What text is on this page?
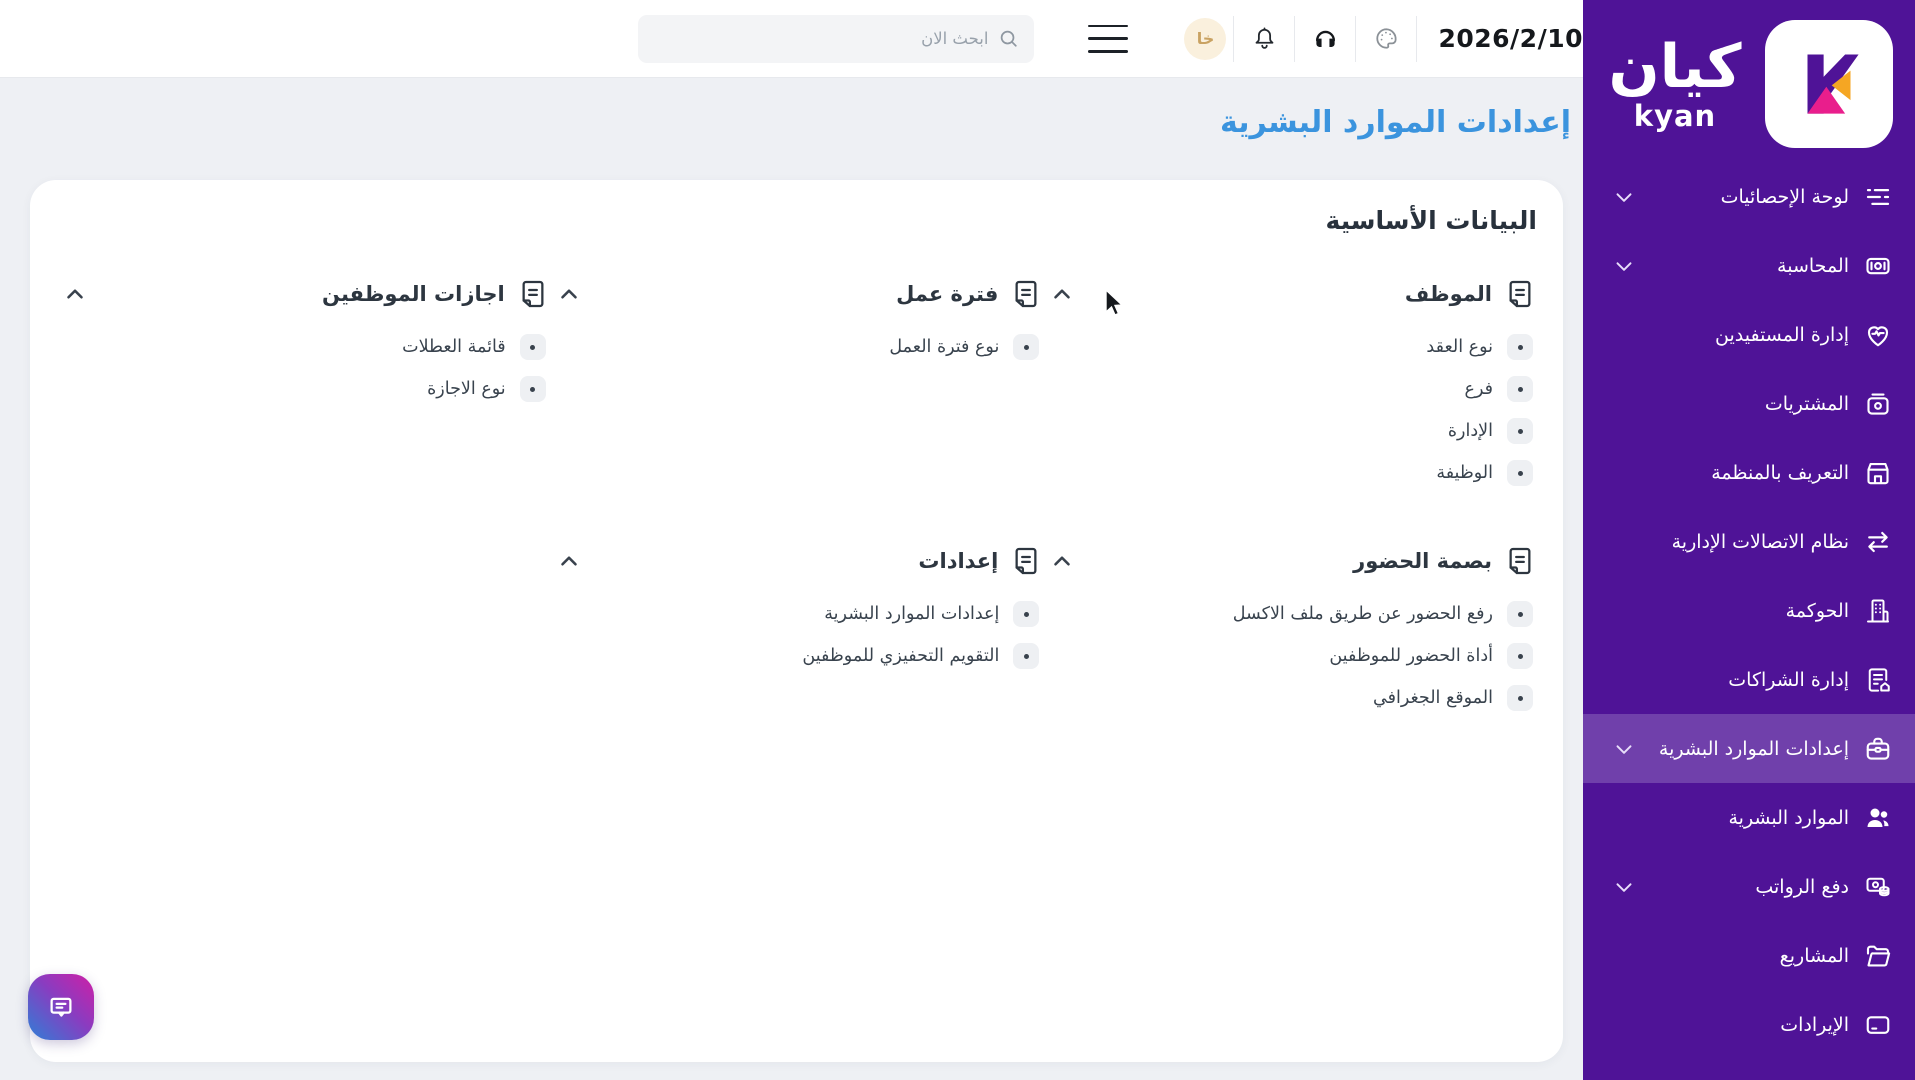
كيان
kyan
لوحة الإحصائيات
المحاسبة
إدارة المستفيدين
المشتريات
التعريف بالمنظمة
نظام الاتصالات الإدارية
الحوكمة
إدارة الشراكات
إعدادات الموارد البشرية
الموارد البشرية
دفع الرواتب
المشاريع
الإيرادات
خا	2026/2/10
ابحث الان
إعدادات الموارد البشرية
البيانات الأساسية
الموظف
نوع العقد
فرع
الإدارة
الوظيفة
فترة عمل
نوع فترة العمل
اجازات الموظفين
قائمة العطلات
نوع الاجازة
بصمة الحضور
رفع الحضور عن طريق ملف الاكسل
أداة الحضور للموظفين
الموقع الجغرافي
إعدادات
إعدادات الموارد البشرية
التقويم التحفيزي للموظفين
